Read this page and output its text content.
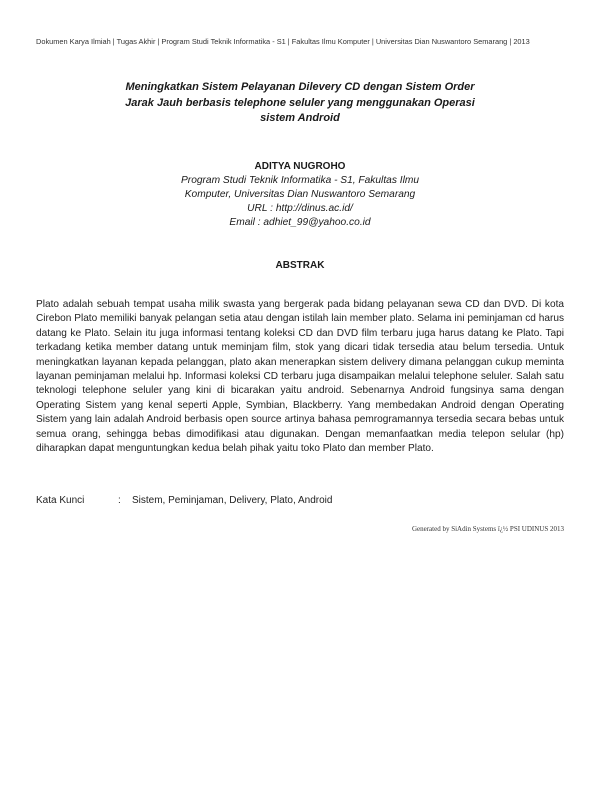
Dokumen Karya Ilmiah | Tugas Akhir | Program Studi Teknik Informatika - S1 | Fakultas Ilmu Komputer | Universitas Dian Nuswantoro Semarang | 2013
Meningkatkan Sistem Pelayanan Dilevery CD dengan Sistem Order
Jarak Jauh berbasis telephone seluler yang menggunakan Operasi
sistem Android
ADITYA NUGROHO
Program Studi Teknik Informatika - S1, Fakultas Ilmu
Komputer, Universitas Dian Nuswantoro Semarang
URL : http://dinus.ac.id/
Email : adhiet_99@yahoo.co.id
ABSTRAK
Plato adalah sebuah tempat usaha milik swasta yang bergerak pada bidang pelayanan sewa CD dan DVD. Di kota Cirebon Plato memiliki banyak pelangan setia atau dengan istilah lain member plato. Selama ini peminjaman cd harus datang ke Plato. Selain itu juga informasi tentang koleksi CD dan DVD film terbaru juga harus datang ke Plato. Tapi terkadang ketika member datang untuk meminjam film, stok yang dicari tidak tersedia atau belum tersedia. Untuk meningkatkan layanan kepada pelanggan, plato akan menerapkan sistem delivery dimana pelanggan cukup meminta layanan peminjaman melalui hp. Informasi koleksi CD terbaru juga disampaikan melalui telephone seluler. Salah satu teknologi telephone seluler yang kini di bicarakan yaitu android. Sebenarnya Android fungsinya sama dengan Operating Sistem yang kenal seperti Apple, Symbian, Blackberry. Yang membedakan Android dengan Operating Sistem yang lain adalah Android berbasis open source artinya bahasa pemrogramannya tersedia secara bebas untuk semua orang, sehingga bebas dimodifikasi atau digunakan. Dengan memanfaatkan media telepon selular (hp) diharapkan dapat menguntungkan kedua belah pihak yaitu toko Plato dan member Plato.
Kata Kunci	: Sistem, Peminjaman, Delivery, Plato, Android
Generated by SiAdin Systems ï¿½ PSI UDINUS 2013
